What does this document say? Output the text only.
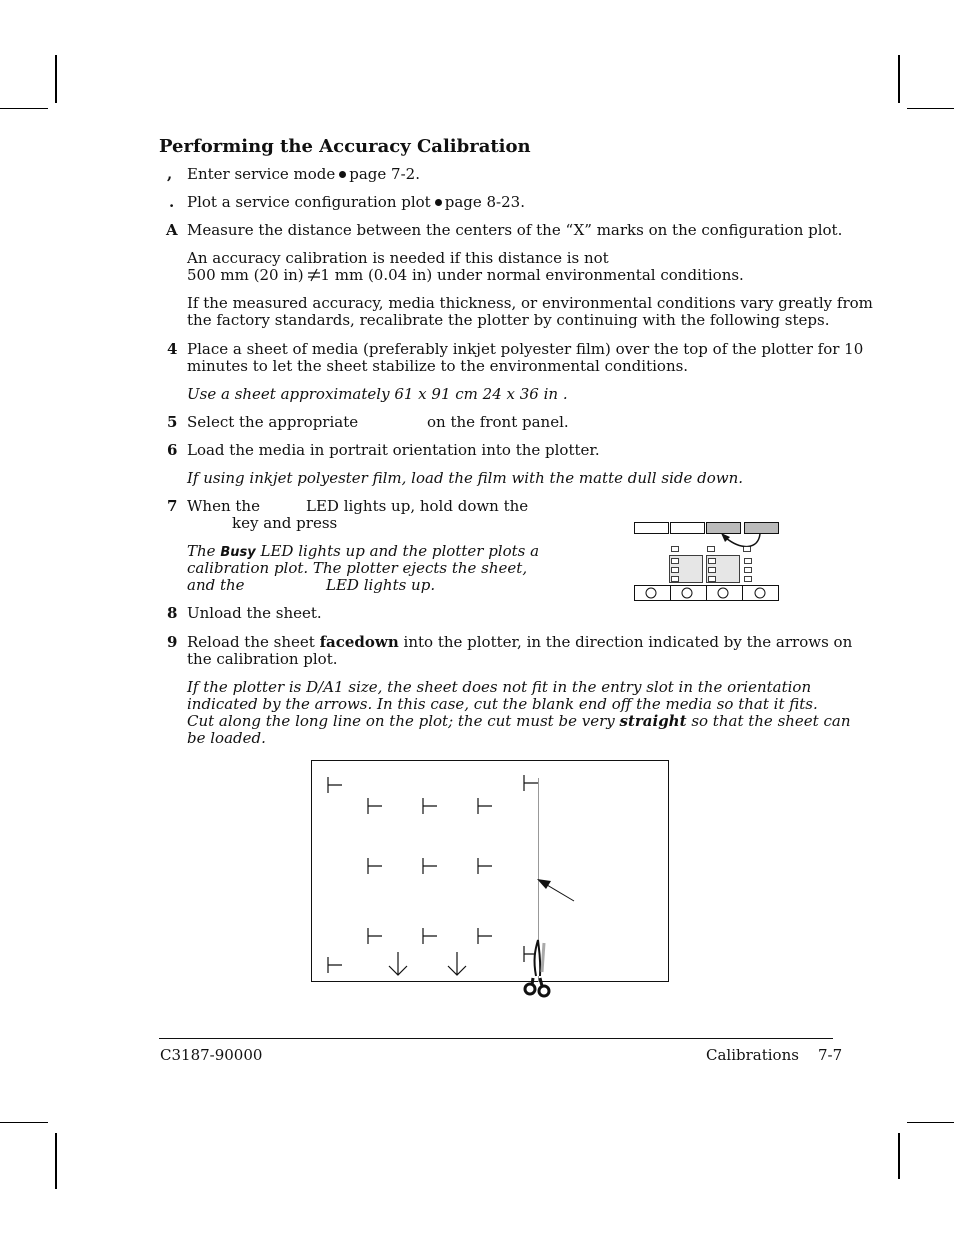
Performing the Accuracy Calibration
, Enter service mode page 7-2.
. Plot a service configuration plot page 8-23.
A Measure the distance between the centers of the “X” marks on the configuration plot.
An accuracy calibration is needed if this distance is not
500 mm (20 in) 1 mm (0.04 in) under normal environmental conditions.
If the measured accuracy, media thickness, or environmental conditions vary greatly from
the factory standards, recalibrate the plotter by continuing with the following steps.
4 Place a sheet of media (preferably inkjet polyester film) over the top of the plotter for 10
minutes to let the sheet stabilize to the environmental conditions.
Use a sheet approximately 61 x 91 cm 24 x 36 in .
5 Select the appropriate	on the front panel.
6 Load the media in portrait orientation into the plotter.
If using inkjet polyester film, load the film with the matte dull side down.
7 When the	LED lights up, hold down the
key and press
The Busy LED lights up and the plotter plots a
calibration plot. The plotter ejects the sheet,
and the	LED lights up.
8 Unload the sheet.
9 Reload the sheet facedown into the plotter, in the direction indicated by the arrows on
the calibration plot.
If the plotter is D/A1 size, the sheet does not fit in the entry slot in the orientation
indicated by the arrows. In this case, cut the blank end off the media so that it fits.
Cut along the long line on the plot; the cut must be very straight so that the sheet can
be loaded.
C3187-90000	Calibrations    7-7
